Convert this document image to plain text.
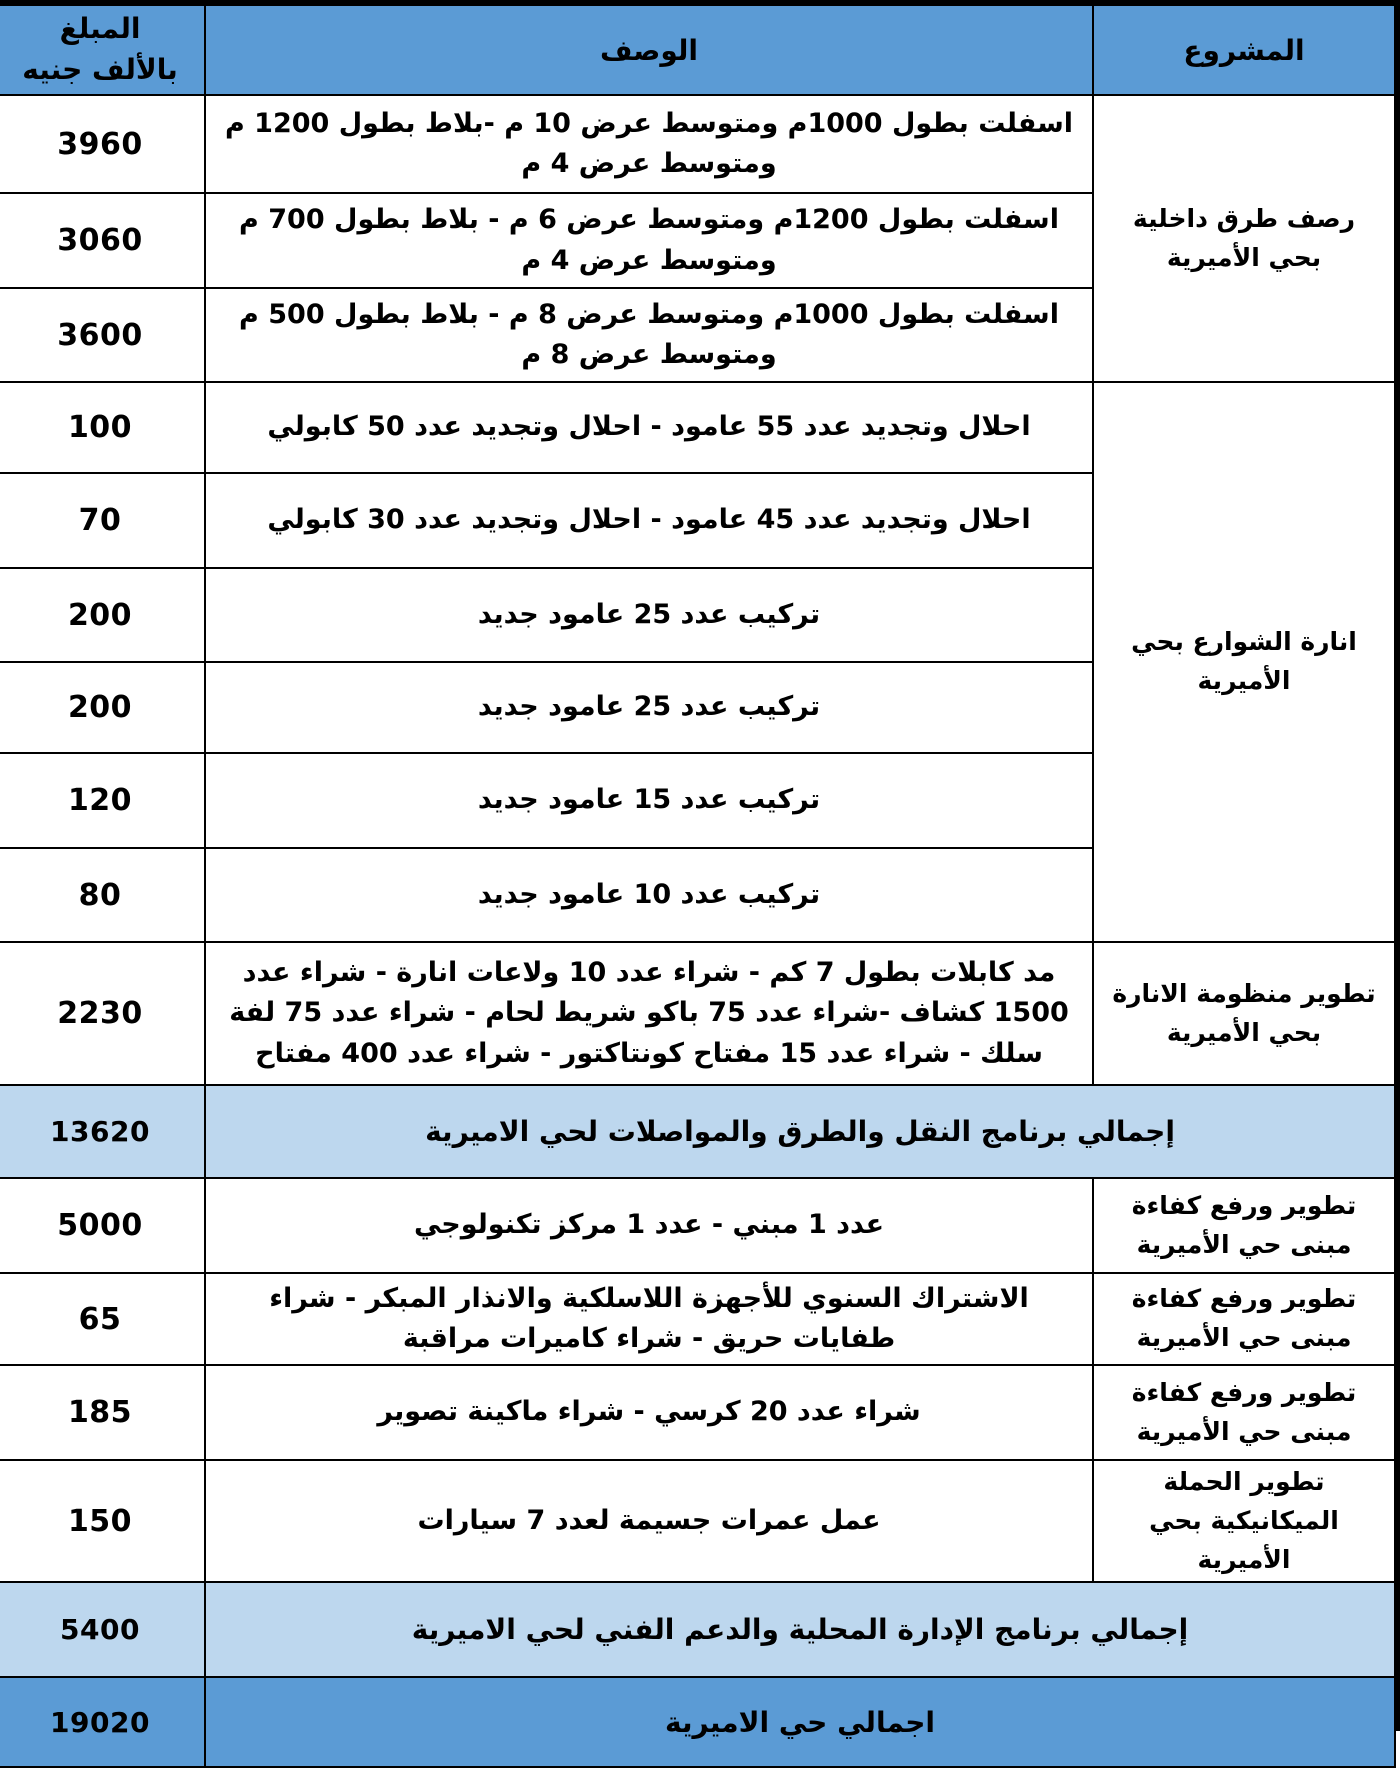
المشروع	الوصف	المبلغ
بالألف جنيه

رصف طرق داخلية بحي الأميرية	اسفلت بطول 1000م ومتوسط عرض 10 م -بلاط بطول 1200 م ومتوسط عرض 4 م	3960
	اسفلت بطول 1200م ومتوسط عرض 6 م - بلاط بطول 700 م ومتوسط عرض 4 م	3060
	اسفلت بطول 1000م ومتوسط عرض 8 م - بلاط بطول 500 م ومتوسط عرض 8 م	3600
انارة الشوارع بحي الأميرية	احلال وتجديد عدد 55 عامود - احلال وتجديد عدد 50 كابولي	100
	احلال وتجديد عدد 45 عامود - احلال وتجديد عدد 30 كابولي	70
	تركيب عدد 25 عامود جديد	200
	تركيب عدد 25 عامود جديد	200
	تركيب عدد 15 عامود جديد	120
	تركيب عدد 10 عامود جديد	80
تطوير منظومة الانارة بحي الأميرية	مد كابلات بطول 7 كم - شراء عدد 10 ولاعات انارة - شراء عدد 1500 كشاف -شراء عدد 75 باكو شريط لحام - شراء عدد 75 لفة سلك - شراء عدد 15 مفتاح كونتاكتور - شراء عدد 400 مفتاح	2230
إجمالي برنامج النقل والطرق والمواصلات لحي الاميرية		13620
تطوير ورفع كفاءة مبنى حي الأميرية	عدد 1 مبني - عدد 1 مركز تكنولوجي	5000
تطوير ورفع كفاءة مبنى حي الأميرية	الاشتراك السنوي للأجهزة اللاسلكية والانذار المبكر - شراء طفايات حريق - شراء كاميرات مراقبة	65
تطوير ورفع كفاءة مبنى حي الأميرية	شراء عدد 20 كرسي - شراء ماكينة تصوير	185
تطوير الحملة الميكانيكية بحي الأميرية	عمل عمرات جسيمة لعدد 7 سيارات	150
إجمالي برنامج الإدارة المحلية والدعم الفني لحي الاميرية		5400
اجمالي حي الاميرية		19020
